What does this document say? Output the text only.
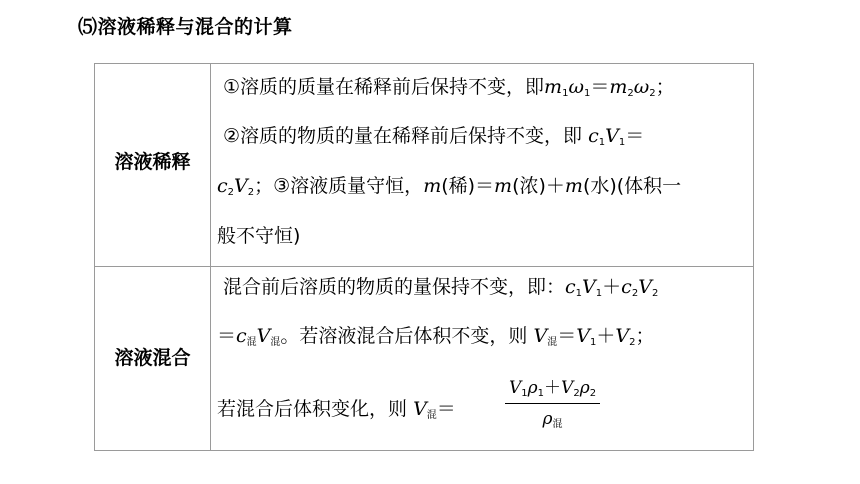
⑸溶液稀释与混合的计算
溶液稀释
①溶质的质量在稀释前后保持不变，即$m_1\omega_1=m_2\omega_2$；
②溶质的物质的量在稀释前后保持不变，即 $c_1V_1=$
$c_2V_2$；③溶液质量守恒，m(稀)＝m(浓)＋m(水)(体积一
般不守恒)
溶液混合
混合前后溶质的物质的量保持不变，即：$c_1V_1+c_2V_2$
$=c_混V_混$。若溶液混合后体积不变，则 $V_混=V_1+V_2$；
若混合后体积变化，则 $V_混=$
$V_1\rho_1+V_2\rho_2$
$\rho_混$
